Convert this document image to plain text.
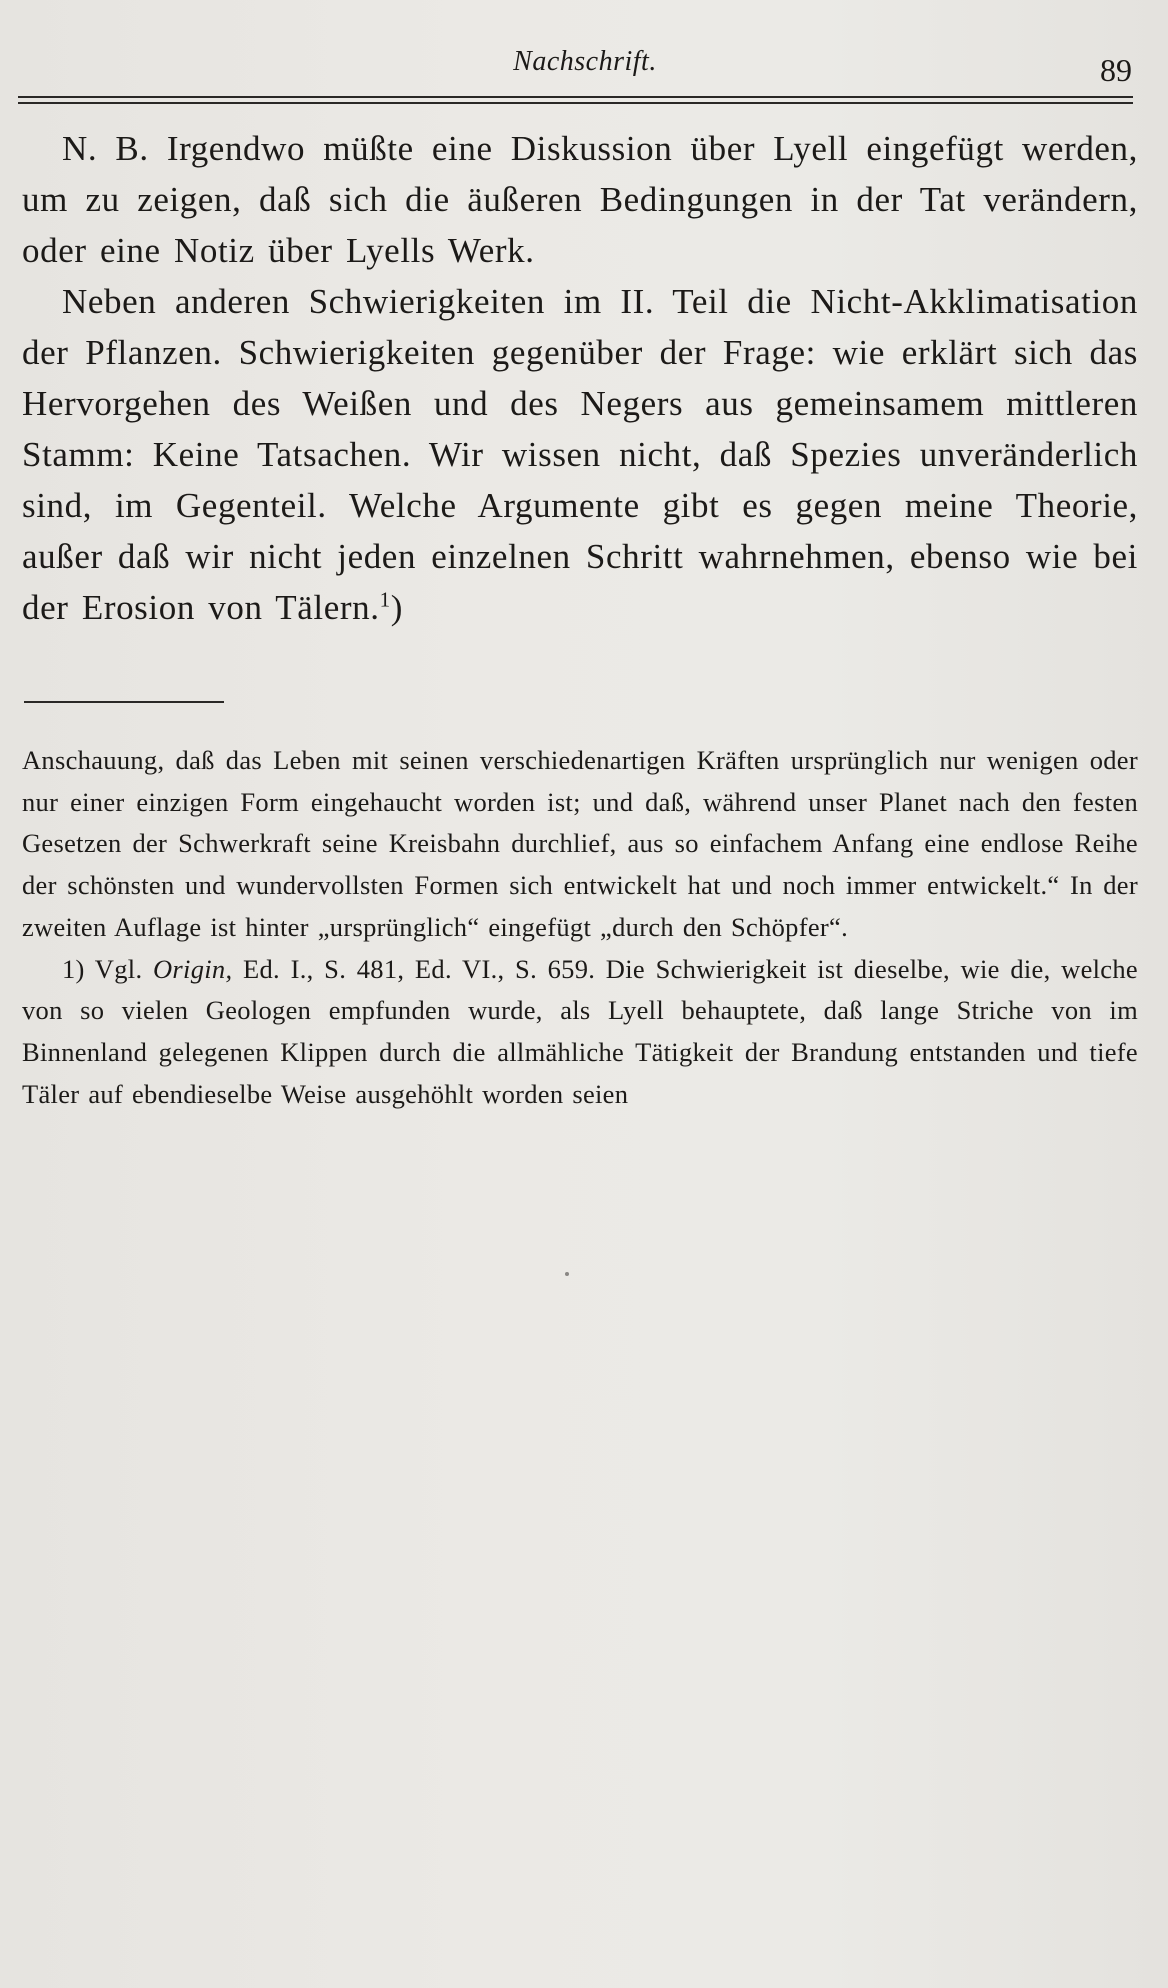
Nachschrift.	89

N. B. Irgendwo müßte eine Diskussion über Lyell eingefügt werden, um zu zeigen, daß sich die äußeren Bedingungen in der Tat verändern, oder eine Notiz über Lyells Werk.

Neben anderen Schwierigkeiten im II. Teil die Nicht-Akklimatisation der Pflanzen. Schwierigkeiten gegenüber der Frage: wie erklärt sich das Hervorgehen des Weißen und des Negers aus gemeinsamem mittleren Stamm: Keine Tatsachen. Wir wissen nicht, daß Spezies unveränderlich sind, im Gegenteil. Welche Argumente gibt es gegen meine Theorie, außer daß wir nicht jeden einzelnen Schritt wahrnehmen, ebenso wie bei der Erosion von Tälern.$^1$)

Anschauung, daß das Leben mit seinen verschiedenartigen Kräften ursprünglich nur wenigen oder nur einer einzigen Form eingehaucht worden ist; und daß, während unser Planet nach den festen Gesetzen der Schwerkraft seine Kreisbahn durchlief, aus so einfachem Anfang eine endlose Reihe der schönsten und wundervollsten Formen sich entwickelt hat und noch immer entwickelt.“ In der zweiten Auflage ist hinter „ursprünglich“ eingefügt „durch den Schöpfer“.

1) Vgl. Origin, Ed. I., S. 481, Ed. VI., S. 659. Die Schwierigkeit ist dieselbe, wie die, welche von so vielen Geologen empfunden wurde, als Lyell behauptete, daß lange Striche von im Binnenland gelegenen Klippen durch die allmähliche Tätigkeit der Brandung entstanden und tiefe Täler auf ebendieselbe Weise ausgehöhlt worden seien
